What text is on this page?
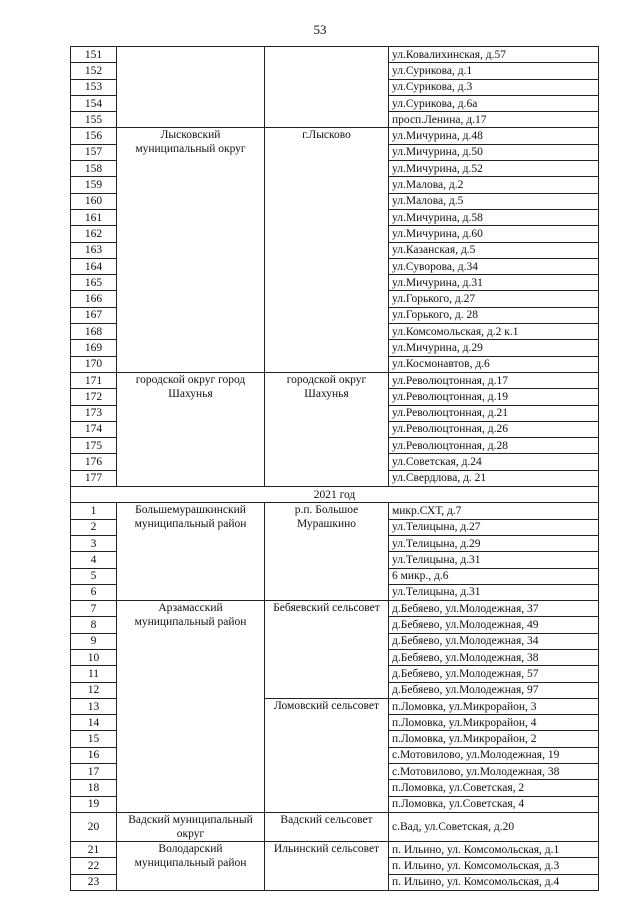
53
151			ул.Ковалихинская, д.57
152			ул.Сурикова, д.1
153			ул.Сурикова, д.3
154			ул.Сурикова, д.6а
155			просп.Ленина, д.17
156	Лысковский муниципальный округ	г.Лысково	ул.Мичурина, д.48
157			ул.Мичурина, д.50
158			ул.Мичурина, д.52
159			ул.Малова, д.2
160			ул.Малова, д.5
161			ул.Мичурина, д.58
162			ул.Мичурина, д.60
163			ул.Казанская, д.5
164			ул.Суворова, д.34
165			ул.Мичурина, д.31
166			ул.Горького, д.27
167			ул.Горького, д. 28
168			ул.Комсомольская, д.2 к.1
169			ул.Мичурина, д.29
170			ул.Космонавтов, д.6
171	городской округ город Шахунья	городской округ Шахунья	ул.Революцтонная, д.17
172			ул.Революцтонная, д.19
173			ул.Революцтонная, д.21
174			ул.Революцтонная, д.26
175			ул.Революцтонная, д.28
176			ул.Советская, д.24
177			ул.Свердлова, д. 21
2021 год			
1	Большемурашкинский муниципальный район	р.п. Большое Мурашкино	микр.СХТ, д.7
2			ул.Телицына, д.27
3			ул.Телицына, д.29
4			ул.Телицына, д.31
5			6 микр., д.6
6			ул.Телицына, д.31
7	Арзамасский муниципальный район	Бебяевский сельсовет	д.Бебяево, ул.Молодежная, 37
8			д.Бебяево, ул.Молодежная, 49
9			д.Бебяево, ул.Молодежная, 34
10			д.Бебяево, ул.Молодежная, 38
11			д.Бебяево, ул.Молодежная, 57
12			д.Бебяево, ул.Молодежная, 97
13		Ломовский сельсовет	п.Ломовка, ул.Микрорайон, 3
14			п.Ломовка, ул.Микрорайон, 4
15			п.Ломовка, ул.Микрорайон, 2
16			с.Мотовилово, ул.Молодежная, 19
17			с.Мотовилово, ул.Молодежная, 38
18			п.Ломовка, ул.Советская, 2
19			п.Ломовка, ул.Советская, 4
20	Вадский муниципальный округ	Вадский сельсовет	с.Вад, ул.Советская, д.20
21	Володарский муниципальный район	Ильинский сельсовет	п. Ильино, ул. Комсомольская, д.1
22			п. Ильино, ул. Комсомольская, д.3
23			п. Ильино, ул. Комсомольская, д.4
